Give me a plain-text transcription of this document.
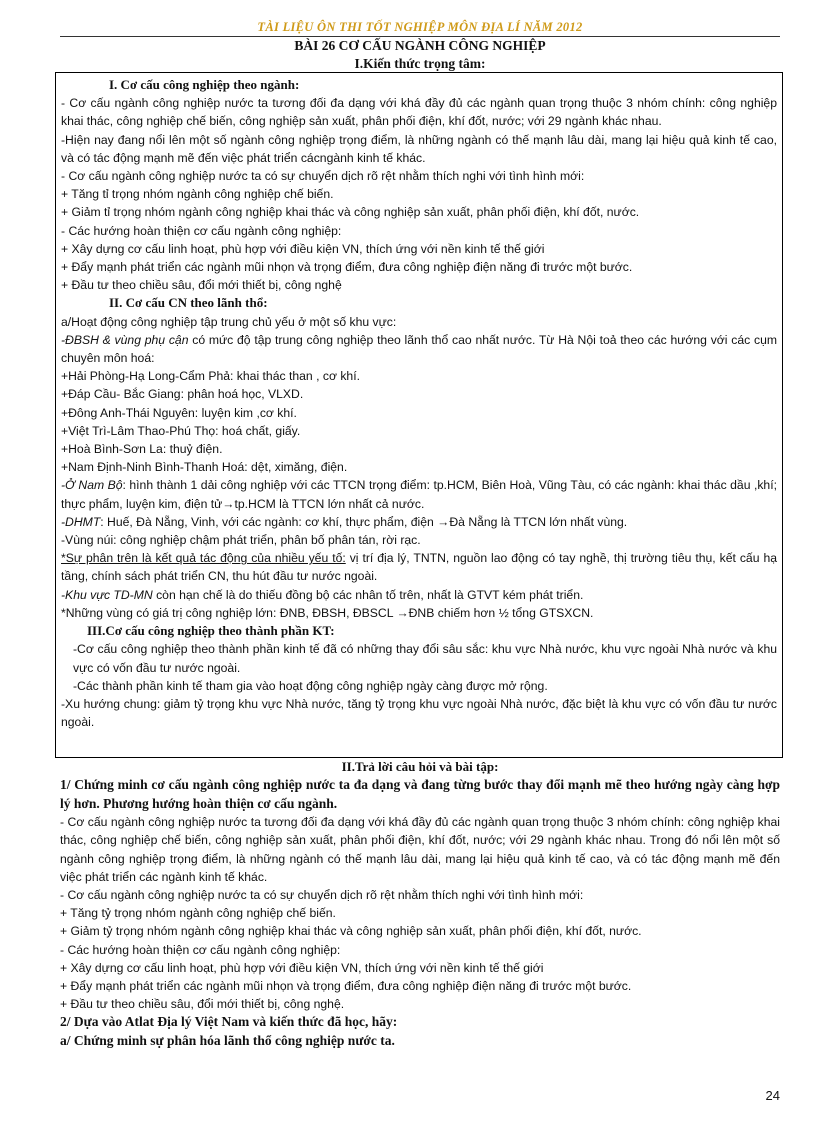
TÀI LIỆU ÔN THI TỐT NGHIỆP MÔN ĐỊA LÍ NĂM 2012
BÀI 26 CƠ CẤU NGÀNH CÔNG NGHIỆP
I.Kiến thức trọng tâm:

I. Cơ cấu công nghiệp theo ngành:

- Cơ cấu ngành công nghiệp nước ta tương đối đa dạng với khá đầy đủ các ngành quan trọng thuộc 3 nhóm chính: công nghiệp khai thác, công nghiệp chế biến, công nghiệp sản xuất, phân phối điện, khí đốt, nước; với 29 ngành khác nhau.

-Hiện nay đang nổi lên một số ngành công nghiệp trọng điểm, là những ngành có thế mạnh lâu dài, mang lại hiệu quả kinh tế cao, và có tác động mạnh mẽ đến việc phát triển cácngành kinh tế khác.

- Cơ cấu ngành công nghiệp nước ta có sự chuyển dịch rõ rệt nhằm thích nghi với tình hình mới:

+ Tăng tỉ trọng nhóm ngành công nghiệp chế biến.

+ Giảm tỉ trọng nhóm ngành công nghiệp khai thác và công nghiệp sản xuất, phân phối điện, khí đốt, nước.

- Các hướng hoàn thiện cơ cấu ngành công nghiệp:

+ Xây dựng cơ cấu linh hoạt, phù hợp với điều kiện VN, thích ứng với nền kinh tế thế giới

+ Đẩy mạnh phát triển các ngành mũi nhọn và trọng điểm, đưa công nghiệp điện năng đi trước một bước.

+ Đầu tư theo chiều sâu, đổi mới thiết bị, công nghệ

II. Cơ cấu CN theo lãnh thổ:

a/Hoạt động công nghiệp tập trung chủ yếu ở một số khu vực:

-ĐBSH & vùng phụ cận có mức độ tập trung công nghiệp theo lãnh thổ cao nhất nước. Từ Hà Nội toả theo các hướng với các cụm chuyên môn hoá:

+Hải Phòng-Hạ Long-Cẩm Phả: khai thác than , cơ khí.

+Đáp Cầu- Bắc Giang: phân hoá học, VLXD.

+Đông Anh-Thái Nguyên: luyện kim ,cơ khí.

+Việt Trì-Lâm Thao-Phú Thọ: hoá chất, giấy.

+Hoà Bình-Sơn La: thuỷ điện.

+Nam Định-Ninh Bình-Thanh Hoá: dệt, ximăng, điện.

-Ở Nam Bộ: hình thành 1 dải công nghiệp với các TTCN trọng điểm: tp.HCM, Biên Hoà, Vũng Tàu, có các ngành: khai thác dầu ,khí; thực phẩm, luyện kim, điện tử→tp.HCM là TTCN lớn nhất cả nước.

-DHMT: Huế, Đà Nẵng, Vinh, với các ngành: cơ khí, thực phẩm, điện →Đà Nẵng là TTCN lớn nhất vùng.

-Vùng núi: công nghiệp chậm phát triển, phân bố phân tán, rời rạc.

*Sự phân trên là kết quả tác động của nhiều yếu tố: vị trí địa lý, TNTN, nguồn lao động có tay nghề, thị trường tiêu thụ, kết cấu hạ tầng, chính sách phát triển CN, thu hút đầu tư nước ngoài.

-Khu vực TD-MN còn hạn chế là do thiếu đồng bộ các nhân tố trên, nhất là GTVT kém phát triển.

*Những vùng có giá trị công nghiệp lớn: ĐNB, ĐBSH, ĐBSCL →ĐNB chiếm hơn ½ tổng GTSXCN.

III.Cơ cấu công nghiệp theo thành phần KT:

-Cơ cấu công nghiệp theo thành phần kinh tế đã có những thay đổi sâu sắc: khu vực Nhà nước, khu vực ngoài Nhà nước và khu vực có vốn đầu tư nước ngoài.

-Các thành phần kinh tế tham gia vào hoạt động công nghiệp ngày càng được mở rộng.

-Xu hướng chung: giảm tỷ trọng khu vực Nhà nước, tăng tỷ trọng khu vực ngoài Nhà nước, đặc biệt là khu vực có vốn đầu tư nước ngoài.

II.Trả lời câu hỏi và bài tập:

1/ Chứng minh cơ cấu ngành công nghiệp nước ta đa dạng và đang từng bước thay đổi mạnh mẽ theo hướng ngày càng hợp lý hơn. Phương hướng hoàn thiện cơ cấu ngành.

- Cơ cấu ngành công nghiệp nước ta tương đối đa dạng với khá đầy đủ các ngành quan trọng thuộc 3 nhóm chính: công nghiệp khai thác, công nghiệp chế biến, công nghiệp sản xuất, phân phối điện, khí đốt, nước; với 29 ngành khác nhau. Trong đó nổi lên một số ngành công nghiệp trọng điểm, là những ngành có thế mạnh lâu dài, mang lại hiệu quả kinh tế cao, và có tác động mạnh mẽ đến việc phát triển các ngành kinh tế khác.

- Cơ cấu ngành công nghiệp nước ta có sự chuyển dịch rõ rệt nhằm thích nghi với tình hình mới:

+ Tăng tỷ trọng nhóm ngành công nghiệp chế biến.

+ Giảm tỷ trọng nhóm ngành công nghiệp khai thác và công nghiệp sản xuất, phân phối điện, khí đốt, nước.

- Các hướng hoàn thiện cơ cấu ngành công nghiệp:

+ Xây dựng cơ cấu linh hoạt, phù hợp với điều kiện VN, thích ứng với nền kinh tế thế giới

+ Đẩy mạnh phát triển các ngành mũi nhọn và trọng điểm, đưa công nghiệp điện năng đi trước một bước.

+ Đầu tư theo chiều sâu, đổi mới thiết bị, công nghệ.

2/ Dựa vào Atlat Địa lý Việt Nam và kiến thức đã học, hãy:

a/ Chứng minh sự phân hóa lãnh thổ công nghiệp nước ta.

24
